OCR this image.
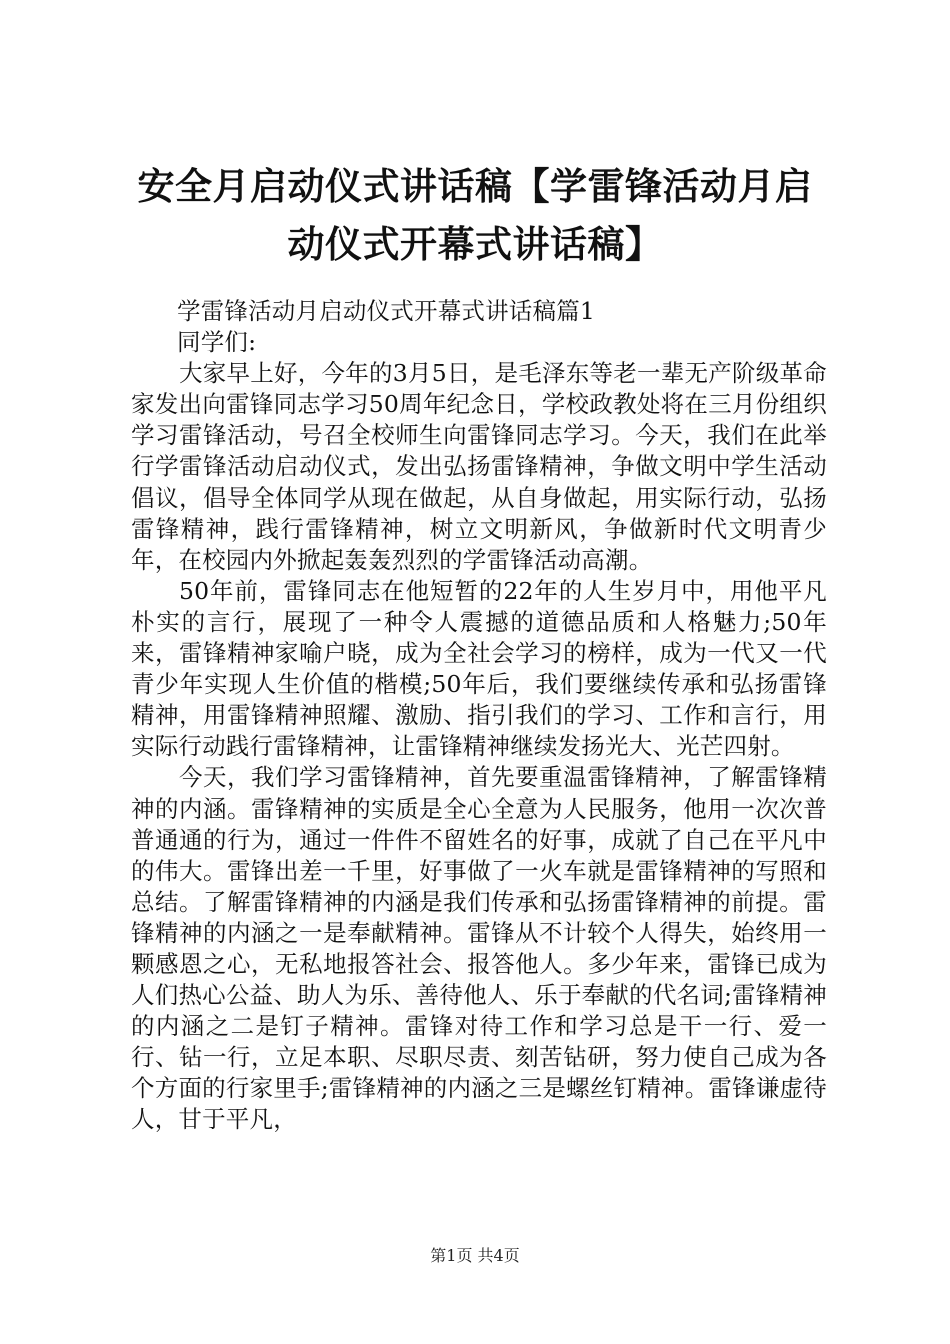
安全月启动仪式讲话稿【学雷锋活动月启动仪式开幕式讲话稿】

学雷锋活动月启动仪式开幕式讲话稿篇1

同学们:

大家早上好，今年的3月5日，是毛泽东等老一辈无产阶级革命家发出向雷锋同志学习50周年纪念日，学校政教处将在三月份组织学习雷锋活动，号召全校师生向雷锋同志学习。今天，我们在此举行学雷锋活动启动仪式，发出弘扬雷锋精神，争做文明中学生活动倡议，倡导全体同学从现在做起，从自身做起，用实际行动，弘扬雷锋精神，践行雷锋精神，树立文明新风，争做新时代文明青少年，在校园内外掀起轰轰烈烈的学雷锋活动高潮。

50年前，雷锋同志在他短暂的22年的人生岁月中，用他平凡朴实的言行，展现了一种令人震撼的道德品质和人格魅力;50年来，雷锋精神家喻户晓，成为全社会学习的榜样，成为一代又一代青少年实现人生价值的楷模;50年后，我们要继续传承和弘扬雷锋精神，用雷锋精神照耀、激励、指引我们的学习、工作和言行，用实际行动践行雷锋精神，让雷锋精神继续发扬光大、光芒四射。

今天，我们学习雷锋精神，首先要重温雷锋精神，了解雷锋精神的内涵。雷锋精神的实质是全心全意为人民服务，他用一次次普普通通的行为，通过一件件不留姓名的好事，成就了自己在平凡中的伟大。雷锋出差一千里，好事做了一火车就是雷锋精神的写照和总结。了解雷锋精神的内涵是我们传承和弘扬雷锋精神的前提。雷锋精神的内涵之一是奉献精神。雷锋从不计较个人得失，始终用一颗感恩之心，无私地报答社会、报答他人。多少年来，雷锋已成为人们热心公益、助人为乐、善待他人、乐于奉献的代名词;雷锋精神的内涵之二是钉子精神。雷锋对待工作和学习总是干一行、爱一行、钻一行，立足本职、尽职尽责、刻苦钻研，努力使自己成为各个方面的行家里手;雷锋精神的内涵之三是螺丝钉精神。雷锋谦虚待人，甘于平凡，

第1页 共4页
